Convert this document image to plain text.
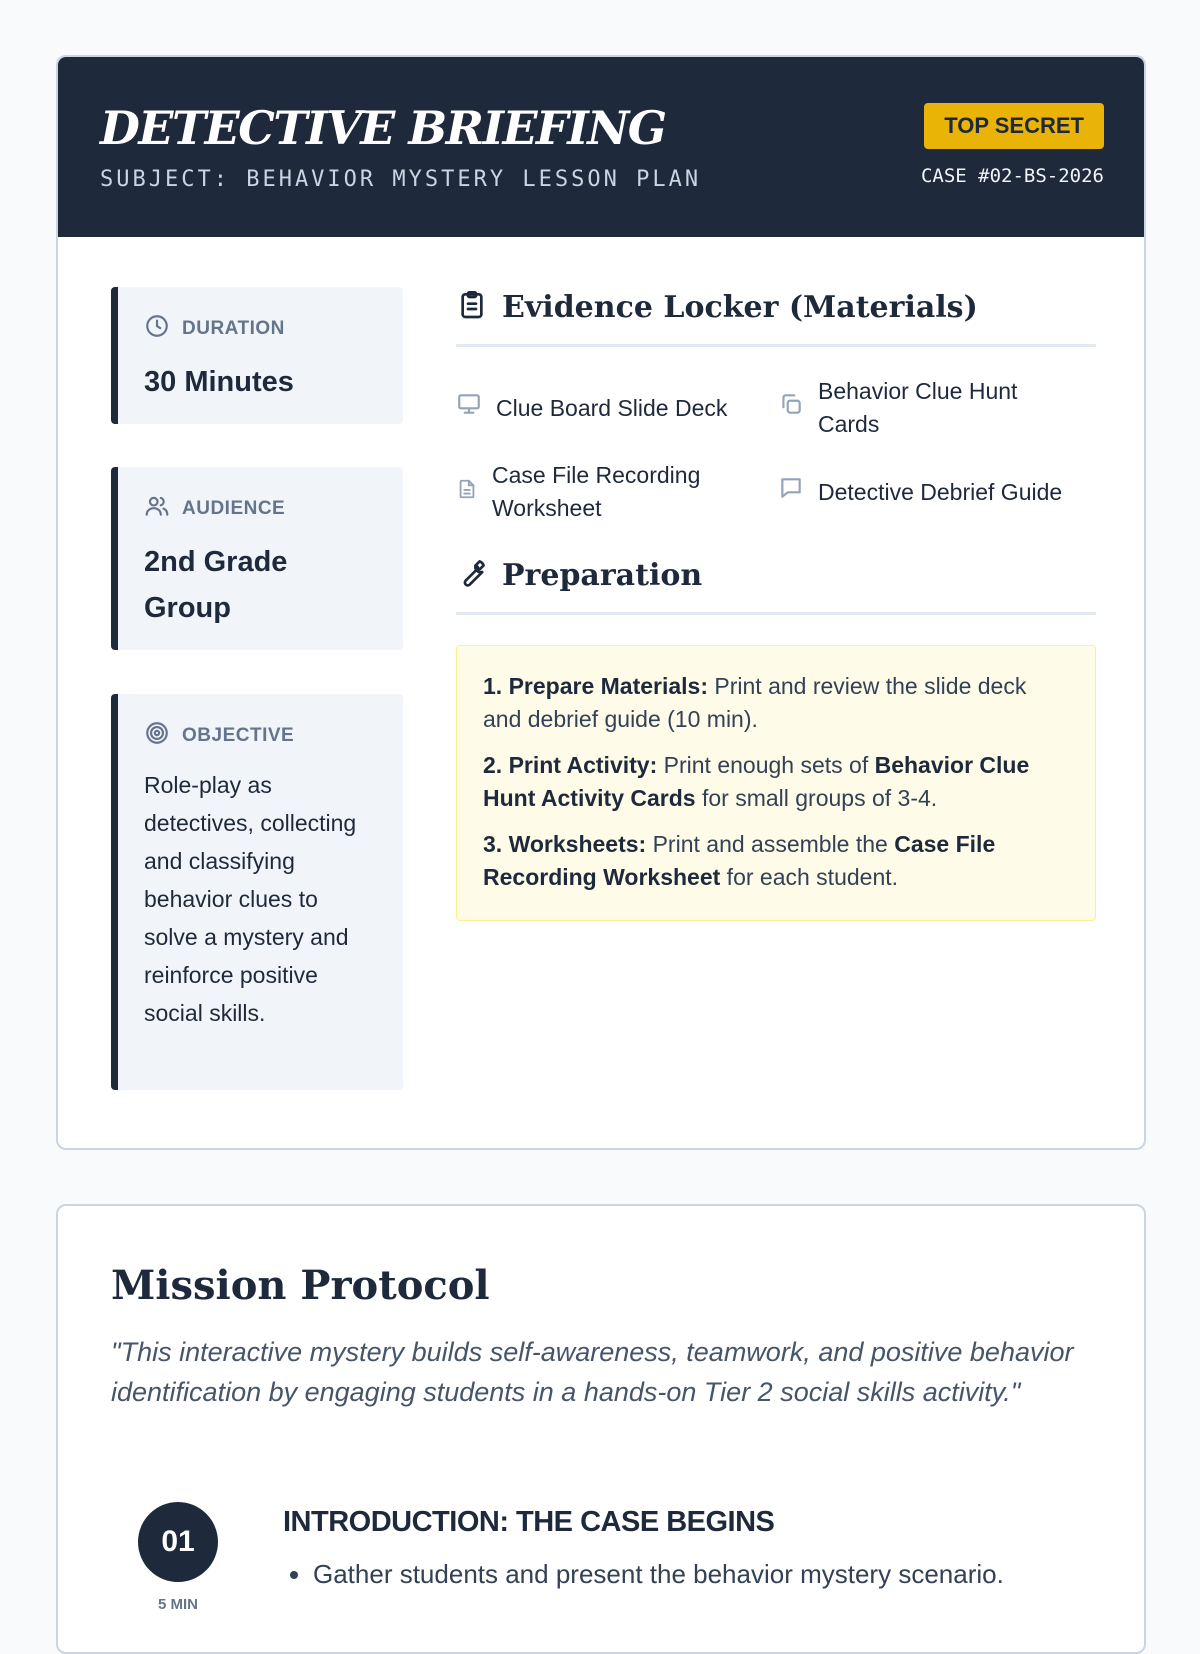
DETECTIVE BRIEFING
SUBJECT: BEHAVIOR MYSTERY LESSON PLAN
TOP SECRET
CASE #02-BS-2026
DURATION
30 Minutes
AUDIENCE
2nd Grade Group
OBJECTIVE
Role-play as detectives, collecting and classifying behavior clues to solve a mystery and reinforce positive social skills.
Evidence Locker (Materials)
Clue Board Slide Deck
Behavior Clue Hunt Cards
Case File Recording Worksheet
Detective Debrief Guide
Preparation
1. Prepare Materials: Print and review the slide deck and debrief guide (10 min).
2. Print Activity: Print enough sets of Behavior Clue Hunt Activity Cards for small groups of 3-4.
3. Worksheets: Print and assemble the Case File Recording Worksheet for each student.
Mission Protocol
"This interactive mystery builds self-awareness, teamwork, and positive behavior identification by engaging students in a hands-on Tier 2 social skills activity."
01
5 MIN
INTRODUCTION: THE CASE BEGINS
• Gather students and present the behavior mystery scenario.
